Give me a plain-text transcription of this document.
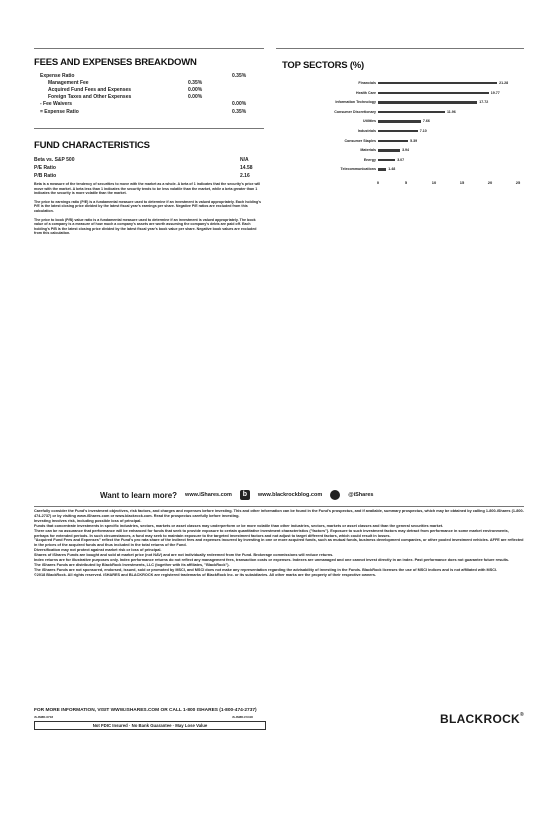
FEES AND EXPENSES BREAKDOWN
Expense Ratio	0.35%
Management Fee	0.35%
Acquired Fund Fees and Expenses	0.00%
Foreign Taxes and Other Expenses	0.00%
- Fee Waivers	0.00%
= Expense Ratio	0.35%
FUND CHARACTERISTICS
Beta vs. S&P 500	N/A
P/E Ratio	14.58
P/B Ratio	2.16

Beta is a measure of the tendency of securities to move with the market as a whole. A beta of 1 indicates that the security's price will move with the market. A beta less than 1 indicates the security tends to be less volatile than the market, while a beta greater than 1 indicates the security is more volatile than the market.

The price to earnings ratio (P/E) is a fundamental measure used to determine if an investment is valued appropriately. Each holding's P/E is the latest closing price divided by the latest fiscal year's earnings per share. Negative P/E ratios are excluded from this calculation.

The price to book (P/B) value ratio is a fundamental measure used to determine if an investment is valued appropriately. The book value of a company is a measure of how much a company's assets are worth assuming the company's debts are paid off. Each holding's P/B is the latest closing price divided by the latest fiscal year's book value per share. Negative book values are excluded from this calculation.

TOP SECTORS (%)
Financials
Health Care
Information Technology
Consumer Discretionary
Utilities
Industrials
Consumer Staples
Materials
Energy
Telecommunications
21.28
19.77
17.72
11.96
7.66
7.10
5.39
3.94
3.07
1.48
0	5	10	15	20	25
Want to learn more? www.iShares.com	b	www.blackrockblog.com	@iShares

Carefully consider the Fund's investment objectives, risk factors, and charges and expenses before investing. This and other information can be found in the Fund's prospectus, and if available, summary prospectus, which may be obtained by calling 1-800-iShares (1-800-474-2737) or by visiting www.iShares.com or www.blackrock.com. Read the prospectus carefully before investing.

Investing involves risk, including possible loss of principal.

Funds that concentrate investments in specific industries, sectors, markets or asset classes may underperform or be more volatile than other industries, sectors, markets or asset classes and than the general securities market.

There can be no assurance that performance will be enhanced for funds that seek to provide exposure to certain quantitative investment characteristics ("factors"). Exposure to such investment factors may detract from performance in some market environments, perhaps for extended periods. In such circumstances, a fund may seek to maintain exposure to the targeted investment factors and not adjust to target different factors, which could result in losses.

"Acquired Fund Fees and Expenses" reflect the Fund's pro rata share of the indirect fees and expenses incurred by investing in one or more acquired funds, such as mutual funds, business development companies, or other pooled investment vehicles. AFFE are reflected in the prices of the acquired funds and thus included in the total returns of the Fund.

Diversification may not protect against market risk or loss of principal.

Shares of iShares Funds are bought and sold at market price (not NAV) and are not individually redeemed from the Fund. Brokerage commissions will reduce returns.

Index returns are for illustrative purposes only. Index performance returns do not reflect any management fees, transaction costs or expenses. Indexes are unmanaged and one cannot invest directly in an index. Past performance does not guarantee future results.

The iShares Funds are distributed by BlackRock Investments, LLC (together with its affiliates, "BlackRock").

The iShares Funds are not sponsored, endorsed, issued, sold or promoted by MSCI, and MSCI does not make any representation regarding the advisability of investing in the Funds. BlackRock licenses the use of MSCI indices and is not affiliated with MSCI.

©2018 BlackRock. All rights reserved. iSHARES and BLACKROCK are registered trademarks of BlackRock Inc. or its subsidiaries. All other marks are the property of their respective owners.

FOR MORE INFORMATION, VISIT WWW.ISHARES.COM OR CALL 1-800 ISHARES (1-800-474-2737)
iS-ISMD-0718	iS-ISMD-F0418
Not FDIC Insured · No Bank Guarantee · May Lose Value	BLACKROCK®
